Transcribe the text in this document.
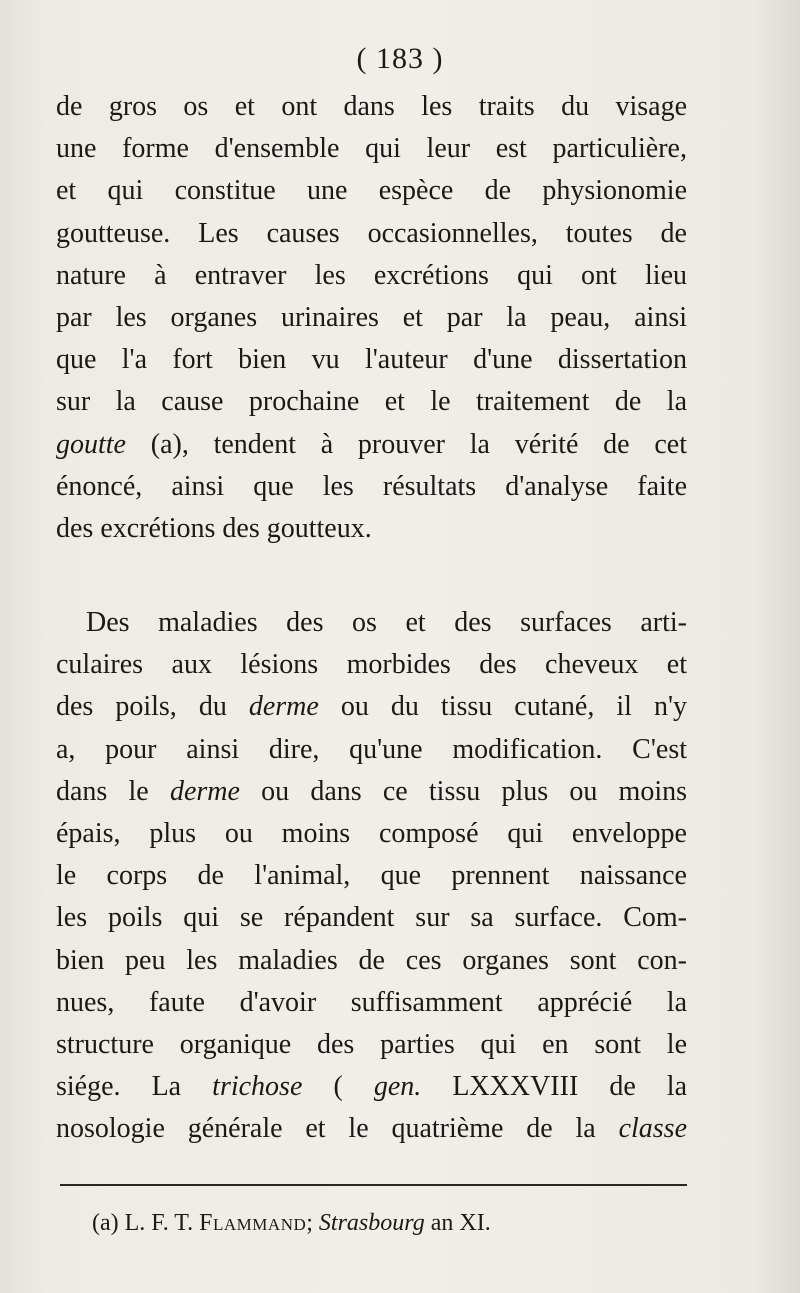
( 183 )
de gros os et ont dans les traits du visage
une forme d'ensemble qui leur est particulière,
et qui constitue une espèce de physionomie
goutteuse. Les causes occasionnelles, toutes de
nature à entraver les excrétions qui ont lieu
par les organes urinaires et par la peau, ainsi
que l'a fort bien vu l'auteur d'une dissertation
sur la cause prochaine et le traitement de la
goutte (a), tendent à prouver la vérité de cet
énoncé, ainsi que les résultats d'analyse faite
des excrétions des goutteux.
Des maladies des os et des surfaces arti-
culaires aux lésions morbides des cheveux et
des poils, du derme ou du tissu cutané, il n'y
a, pour ainsi dire, qu'une modification. C'est
dans le derme ou dans ce tissu plus ou moins
épais, plus ou moins composé qui enveloppe
le corps de l'animal, que prennent naissance
les poils qui se répandent sur sa surface. Com-
bien peu les maladies de ces organes sont con-
nues, faute d'avoir suffisamment apprécié la
structure organique des parties qui en sont le
siége. La trichose ( gen. LXXXVIII de la
nosologie générale et le quatrième de la classe
(a) L. F. T. Flammand; Strasbourg an XI.
